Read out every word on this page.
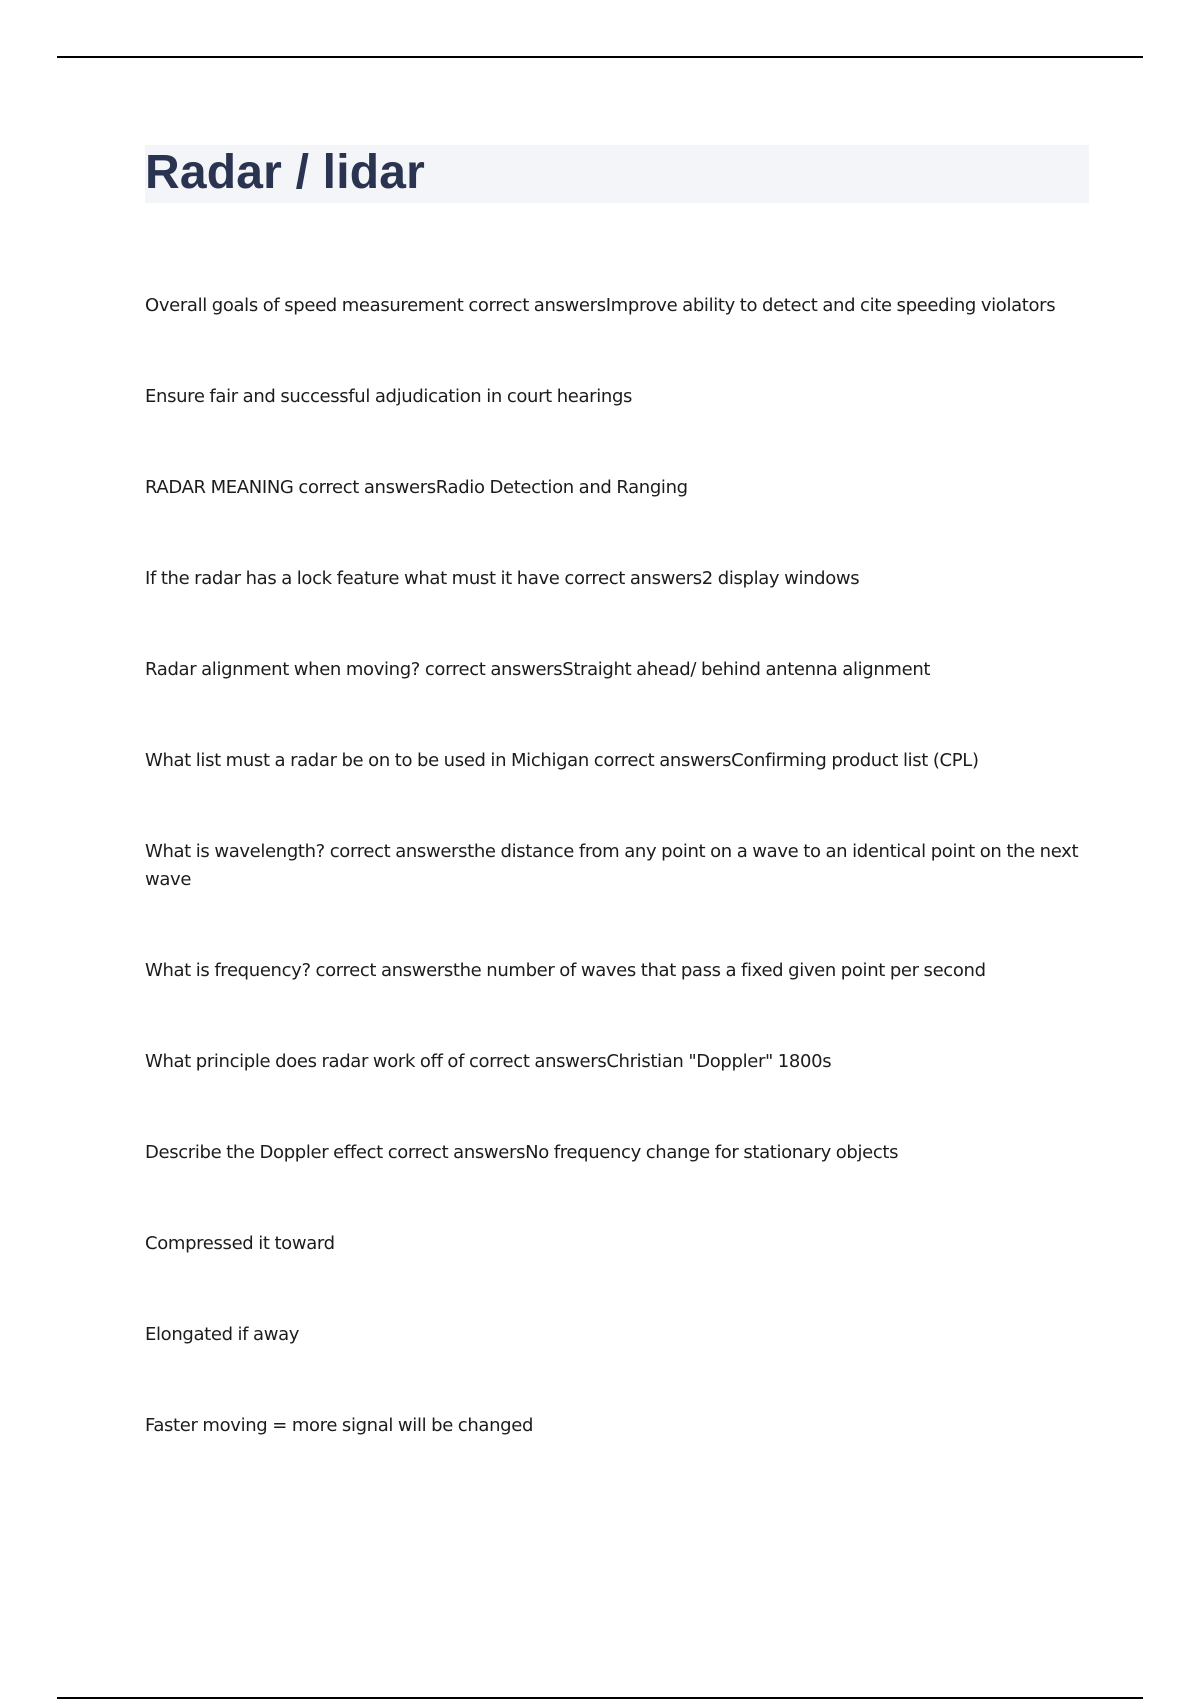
Radar / lidar
Overall goals of speed measurement correct answersImprove ability to detect and cite speeding violators
Ensure fair and successful adjudication in court hearings
RADAR MEANING correct answersRadio Detection and Ranging
If the radar has a lock feature what must it have correct answers2 display windows
Radar alignment when moving? correct answersStraight ahead/ behind antenna alignment
What list must a radar be on to be used in Michigan correct answersConfirming product list (CPL)
What is wavelength? correct answersthe distance from any point on a wave to an identical point on the next wave
What is frequency? correct answersthe number of waves that pass a fixed given point per second
What principle does radar work off of correct answersChristian "Doppler" 1800s
Describe the Doppler effect correct answersNo frequency change for stationary objects
Compressed it toward
Elongated if away
Faster moving = more signal will be changed
